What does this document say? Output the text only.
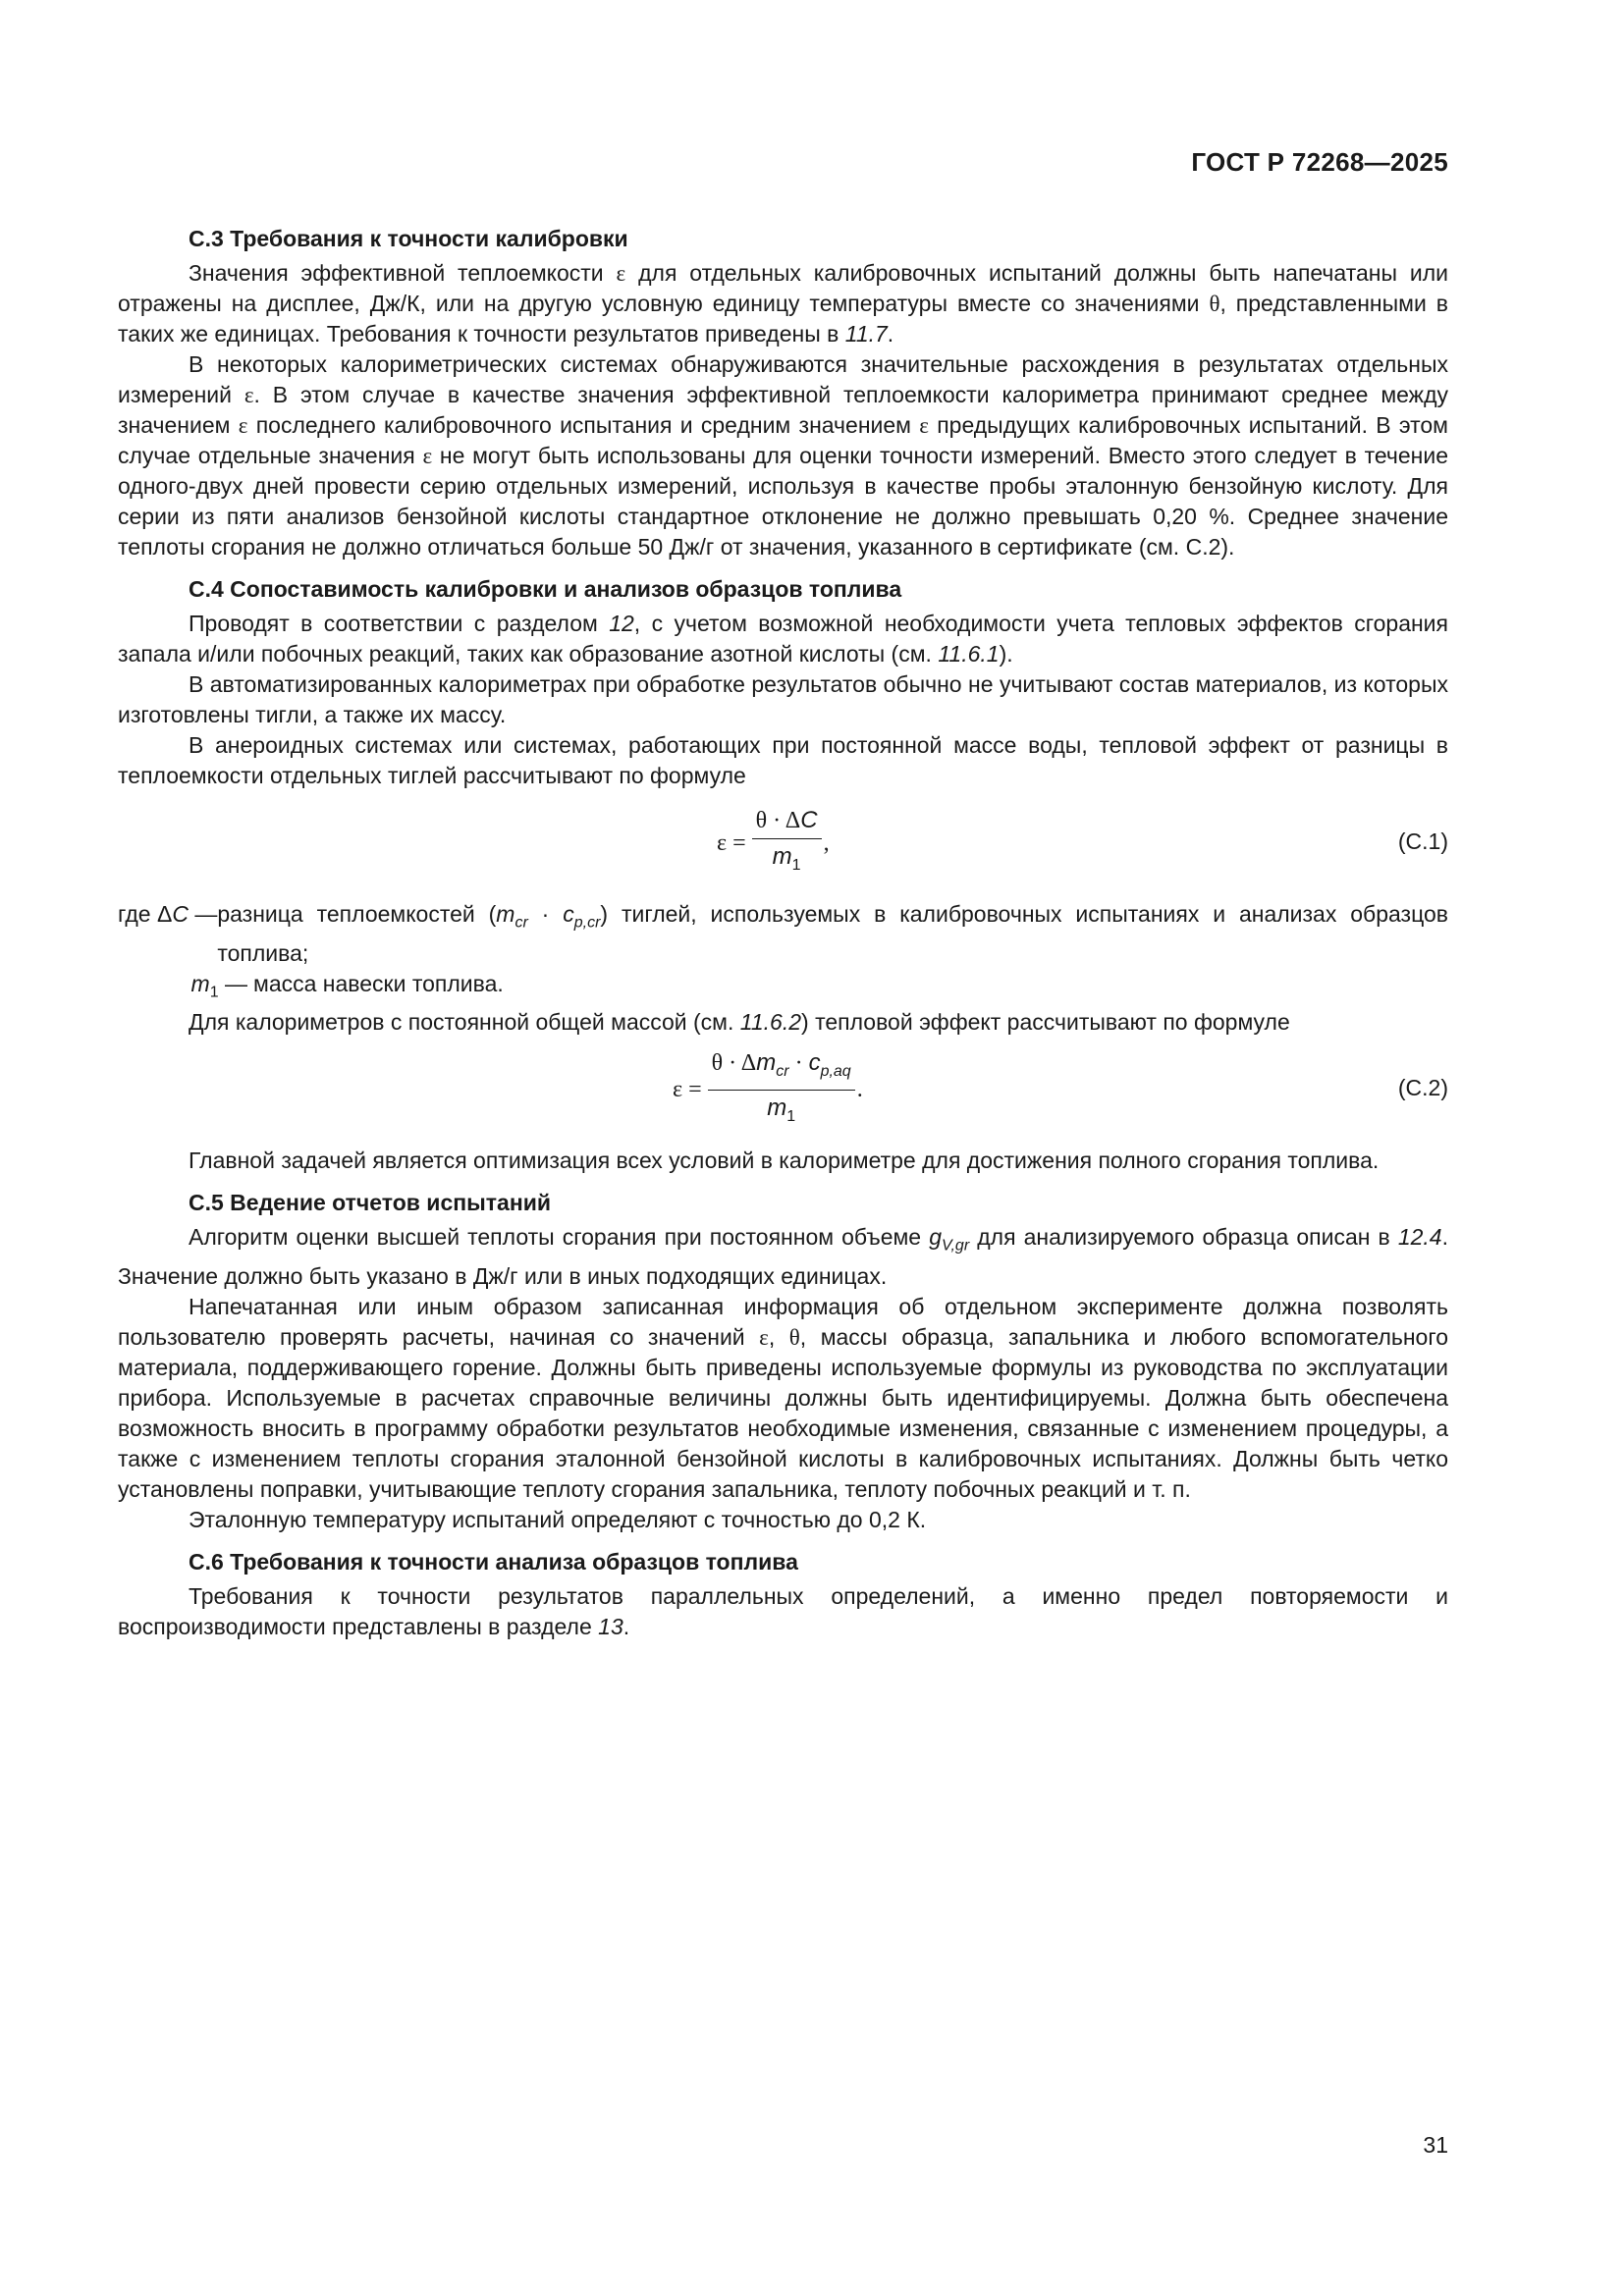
ГОСТ Р 72268—2025
С.3 Требования к точности калибровки

Значения эффективной теплоемкости ε для отдельных калибровочных испытаний должны быть напечатаны или отражены на дисплее, Дж/К, или на другую условную единицу температуры вместе со значениями θ, представленными в таких же единицах. Требования к точности результатов приведены в 11.7.

В некоторых калориметрических системах обнаруживаются значительные расхождения в результатах отдельных измерений ε. В этом случае в качестве значения эффективной теплоемкости калориметра принимают среднее между значением ε последнего калибровочного испытания и средним значением ε предыдущих калибровочных испытаний. В этом случае отдельные значения ε не могут быть использованы для оценки точности измерений. Вместо этого следует в течение одного-двух дней провести серию отдельных измерений, используя в качестве пробы эталонную бензойную кислоту. Для серии из пяти анализов бензойной кислоты стандартное отклонение не должно превышать 0,20 %. Среднее значение теплоты сгорания не должно отличаться больше 50 Дж/г от значения, указанного в сертификате (см. С.2).

С.4 Сопоставимость калибровки и анализов образцов топлива

Проводят в соответствии с разделом 12, с учетом возможной необходимости учета тепловых эффектов сгорания запала и/или побочных реакций, таких как образование азотной кислоты (см. 11.6.1).

В автоматизированных калориметрах при обработке результатов обычно не учитывают состав материалов, из которых изготовлены тигли, а также их массу.

В анероидных системах или системах, работающих при постоянной массе воды, тепловой эффект от разницы в теплоемкости отдельных тиглей рассчитывают по формуле

$\varepsilon = \frac{\theta \cdot \Delta C}{m_1}$ ,	(С.1)
где ΔC — разница теплоемкостей $(m_{cr} \cdot c_{p,cr})$ тиглей, используемых в калибровочных испытаниях и анализах образцов топлива;
$m_1$ — масса навески топлива.

Для калориметров с постоянной общей массой (см. 11.6.2) тепловой эффект рассчитывают по формуле

$\varepsilon = \frac{\theta \cdot \Delta m_{cr} \cdot c_{p,aq}}{m_1}$ .	(С.2)

Главной задачей является оптимизация всех условий в калориметре для достижения полного сгорания топлива.

С.5 Ведение отчетов испытаний

Алгоритм оценки высшей теплоты сгорания при постоянном объеме $g_{V,gr}$ для анализируемого образца описан в 12.4. Значение должно быть указано в Дж/г или в иных подходящих единицах.

Напечатанная или иным образом записанная информация об отдельном эксперименте должна позволять пользователю проверять расчеты, начиная со значений ε, θ, массы образца, запальника и любого вспомогательного материала, поддерживающего горение. Должны быть приведены используемые формулы из руководства по эксплуатации прибора. Используемые в расчетах справочные величины должны быть идентифицируемы. Должна быть обеспечена возможность вносить в программу обработки результатов необходимые изменения, связанные с изменением процедуры, а также с изменением теплоты сгорания эталонной бензойной кислоты в калибровочных испытаниях. Должны быть четко установлены поправки, учитывающие теплоту сгорания запальника, теплоту побочных реакций и т. п.

Эталонную температуру испытаний определяют с точностью до 0,2 К.

С.6 Требования к точности анализа образцов топлива

Требования к точности результатов параллельных определений, а именно предел повторяемости и воспроизводимости представлены в разделе 13.

31
